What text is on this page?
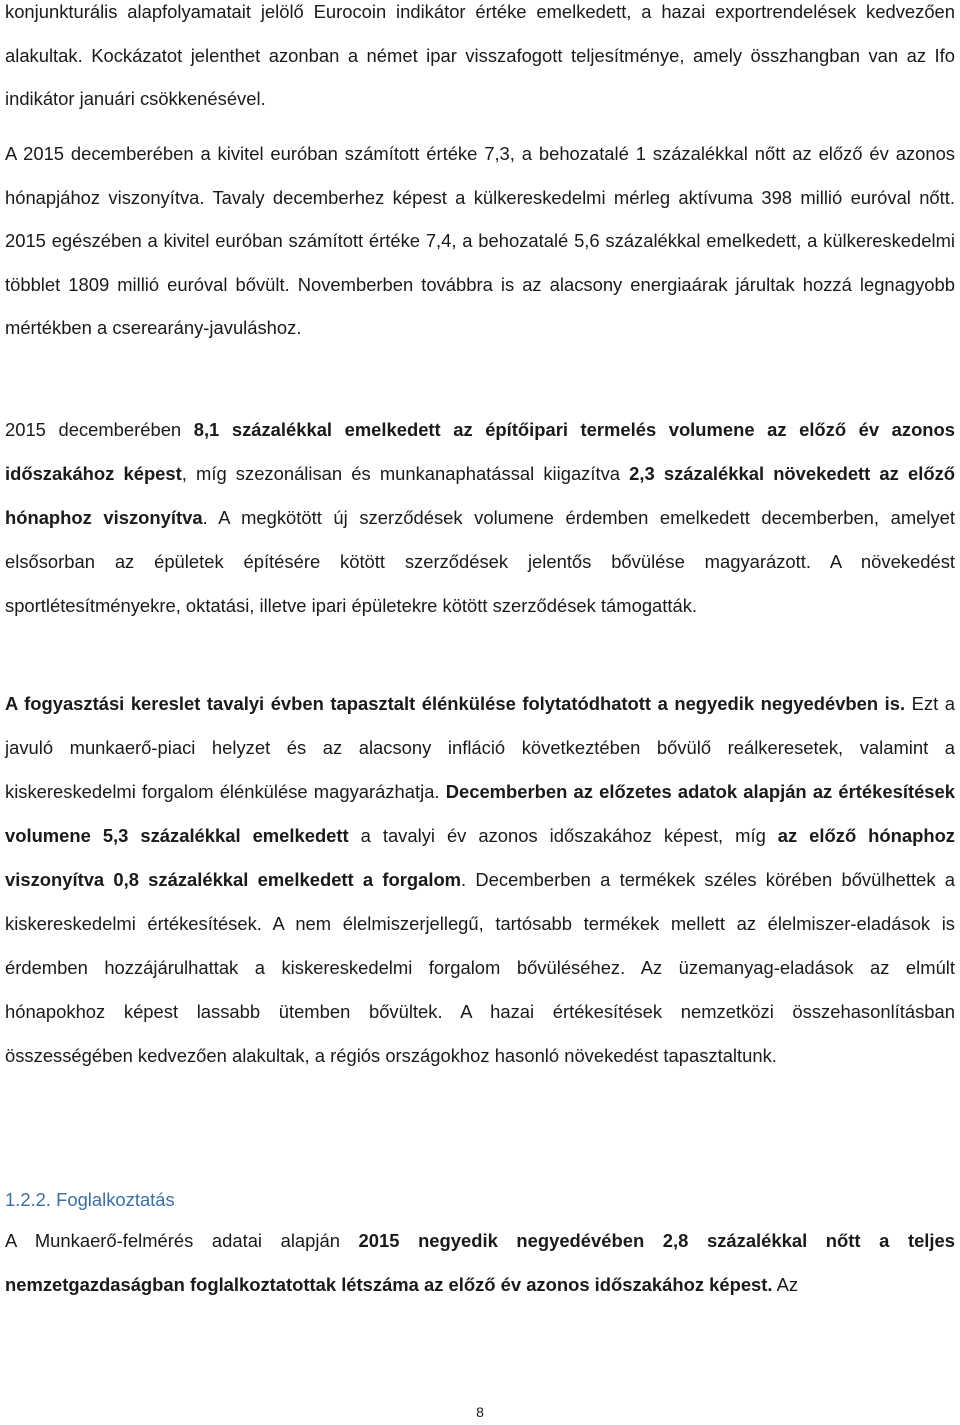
konjunkturális alapfolyamatait jelölő Eurocoin indikátor értéke emelkedett, a hazai exportrendelések kedvezően alakultak. Kockázatot jelenthet azonban a német ipar visszafogott teljesítménye, amely összhangban van az Ifo indikátor januári csökkenésével.

A 2015 decemberében a kivitel euróban számított értéke 7,3, a behozatalé 1 százalékkal nőtt az előző év azonos hónapjához viszonyítva. Tavaly decemberhez képest a külkereskedelmi mérleg aktívuma 398 millió euróval nőtt. 2015 egészében a kivitel euróban számított értéke 7,4, a behozatalé 5,6 százalékkal emelkedett, a külkereskedelmi többlet 1809 millió euróval bővült. Novemberben továbbra is az alacsony energiaárak járultak hozzá legnagyobb mértékben a cserearány-javuláshoz.

2015 decemberében 8,1 százalékkal emelkedett az építőipari termelés volumene az előző év azonos időszakához képest, míg szezonálisan és munkanaphatással kiigazítva 2,3 százalékkal növekedett az előző hónaphoz viszonyítva. A megkötött új szerződések volumene érdemben emelkedett decemberben, amelyet elsősorban az épületek építésére kötött szerződések jelentős bővülése magyarázott. A növekedést sportlétesítményekre, oktatási, illetve ipari épületekre kötött szerződések támogatták.

A fogyasztási kereslet tavalyi évben tapasztalt élénkülése folytatódhatott a negyedik negyedévben is. Ezt a javuló munkaerő-piaci helyzet és az alacsony infláció következtében bővülő reálkeresetek, valamint a kiskereskedelmi forgalom élénkülése magyarázhatja. Decemberben az előzetes adatok alapján az értékesítések volumene 5,3 százalékkal emelkedett a tavalyi év azonos időszakához képest, míg az előző hónaphoz viszonyítva 0,8 százalékkal emelkedett a forgalom. Decemberben a termékek széles körében bővülhettek a kiskereskedelmi értékesítések. A nem élelmiszerjellegű, tartósabb termékek mellett az élelmiszer-eladások is érdemben hozzájárulhattak a kiskereskedelmi forgalom bővüléséhez. Az üzemanyag-eladások az elmúlt hónapokhoz képest lassabb ütemben bővültek. A hazai értékesítések nemzetközi összehasonlításban összességében kedvezően alakultak, a régiós országokhoz hasonló növekedést tapasztaltunk.

1.2.2. Foglalkoztatás

A Munkaerő-felmérés adatai alapján 2015 negyedik negyedévében 2,8 százalékkal nőtt a teljes nemzetgazdaságban foglalkoztatottak létszáma az előző év azonos időszakához képest. Az

8
